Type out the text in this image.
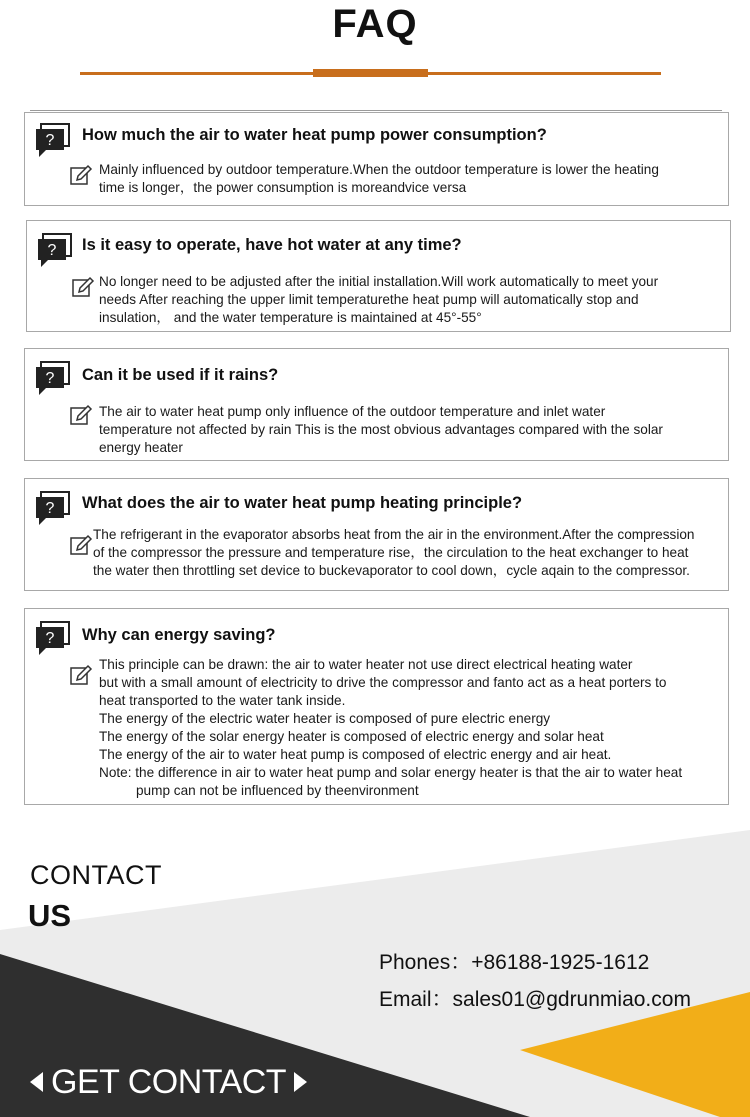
FAQ
? How much the air to water heat pump power consumption?
Mainly influenced by outdoor temperature.When the outdoor temperature is lower the heating
time is longer，the power consumption is moreandvice versa
? Is it easy to operate, have hot water at any time?
No longer need to be adjusted after the initial installation.Will work automatically to meet your
needs After reaching the upper limit temperaturethe heat pump will automatically stop and
insulation， and the water temperature is maintained at 45°-55°
? Can it be used if it rains?
The air to water heat pump only influence of the outdoor temperature and inlet water
temperature not affected by rain This is the most obvious advantages compared with the solar
energy heater
? What does the air to water heat pump heating principle?
The refrigerant in the evaporator absorbs heat from the air in the environment.After the compression
of the compressor the pressure and temperature rise，the circulation to the heat exchanger to heat
the water then throttling set device to buckevaporator to cool down，cycle aqain to the compressor.
? Why can energy saving?
This principle can be drawn: the air to water heater not use direct electrical heating water
but with a small amount of electricity to drive the compressor and fanto act as a heat porters to
heat transported to the water tank inside.
The energy of the electric water heater is composed of pure electric energy
The energy of the solar energy heater is composed of electric energy and solar heat
The energy of the air to water heat pump is composed of electric energy and air heat.
Note: the difference in air to water heat pump and solar energy heater is that the air to water heat
pump can not be influenced by theenvironment
CONTACT
US
Phones：+86188-1925-1612
Email：sales01@gdrunmiao.com
GET CONTACT
